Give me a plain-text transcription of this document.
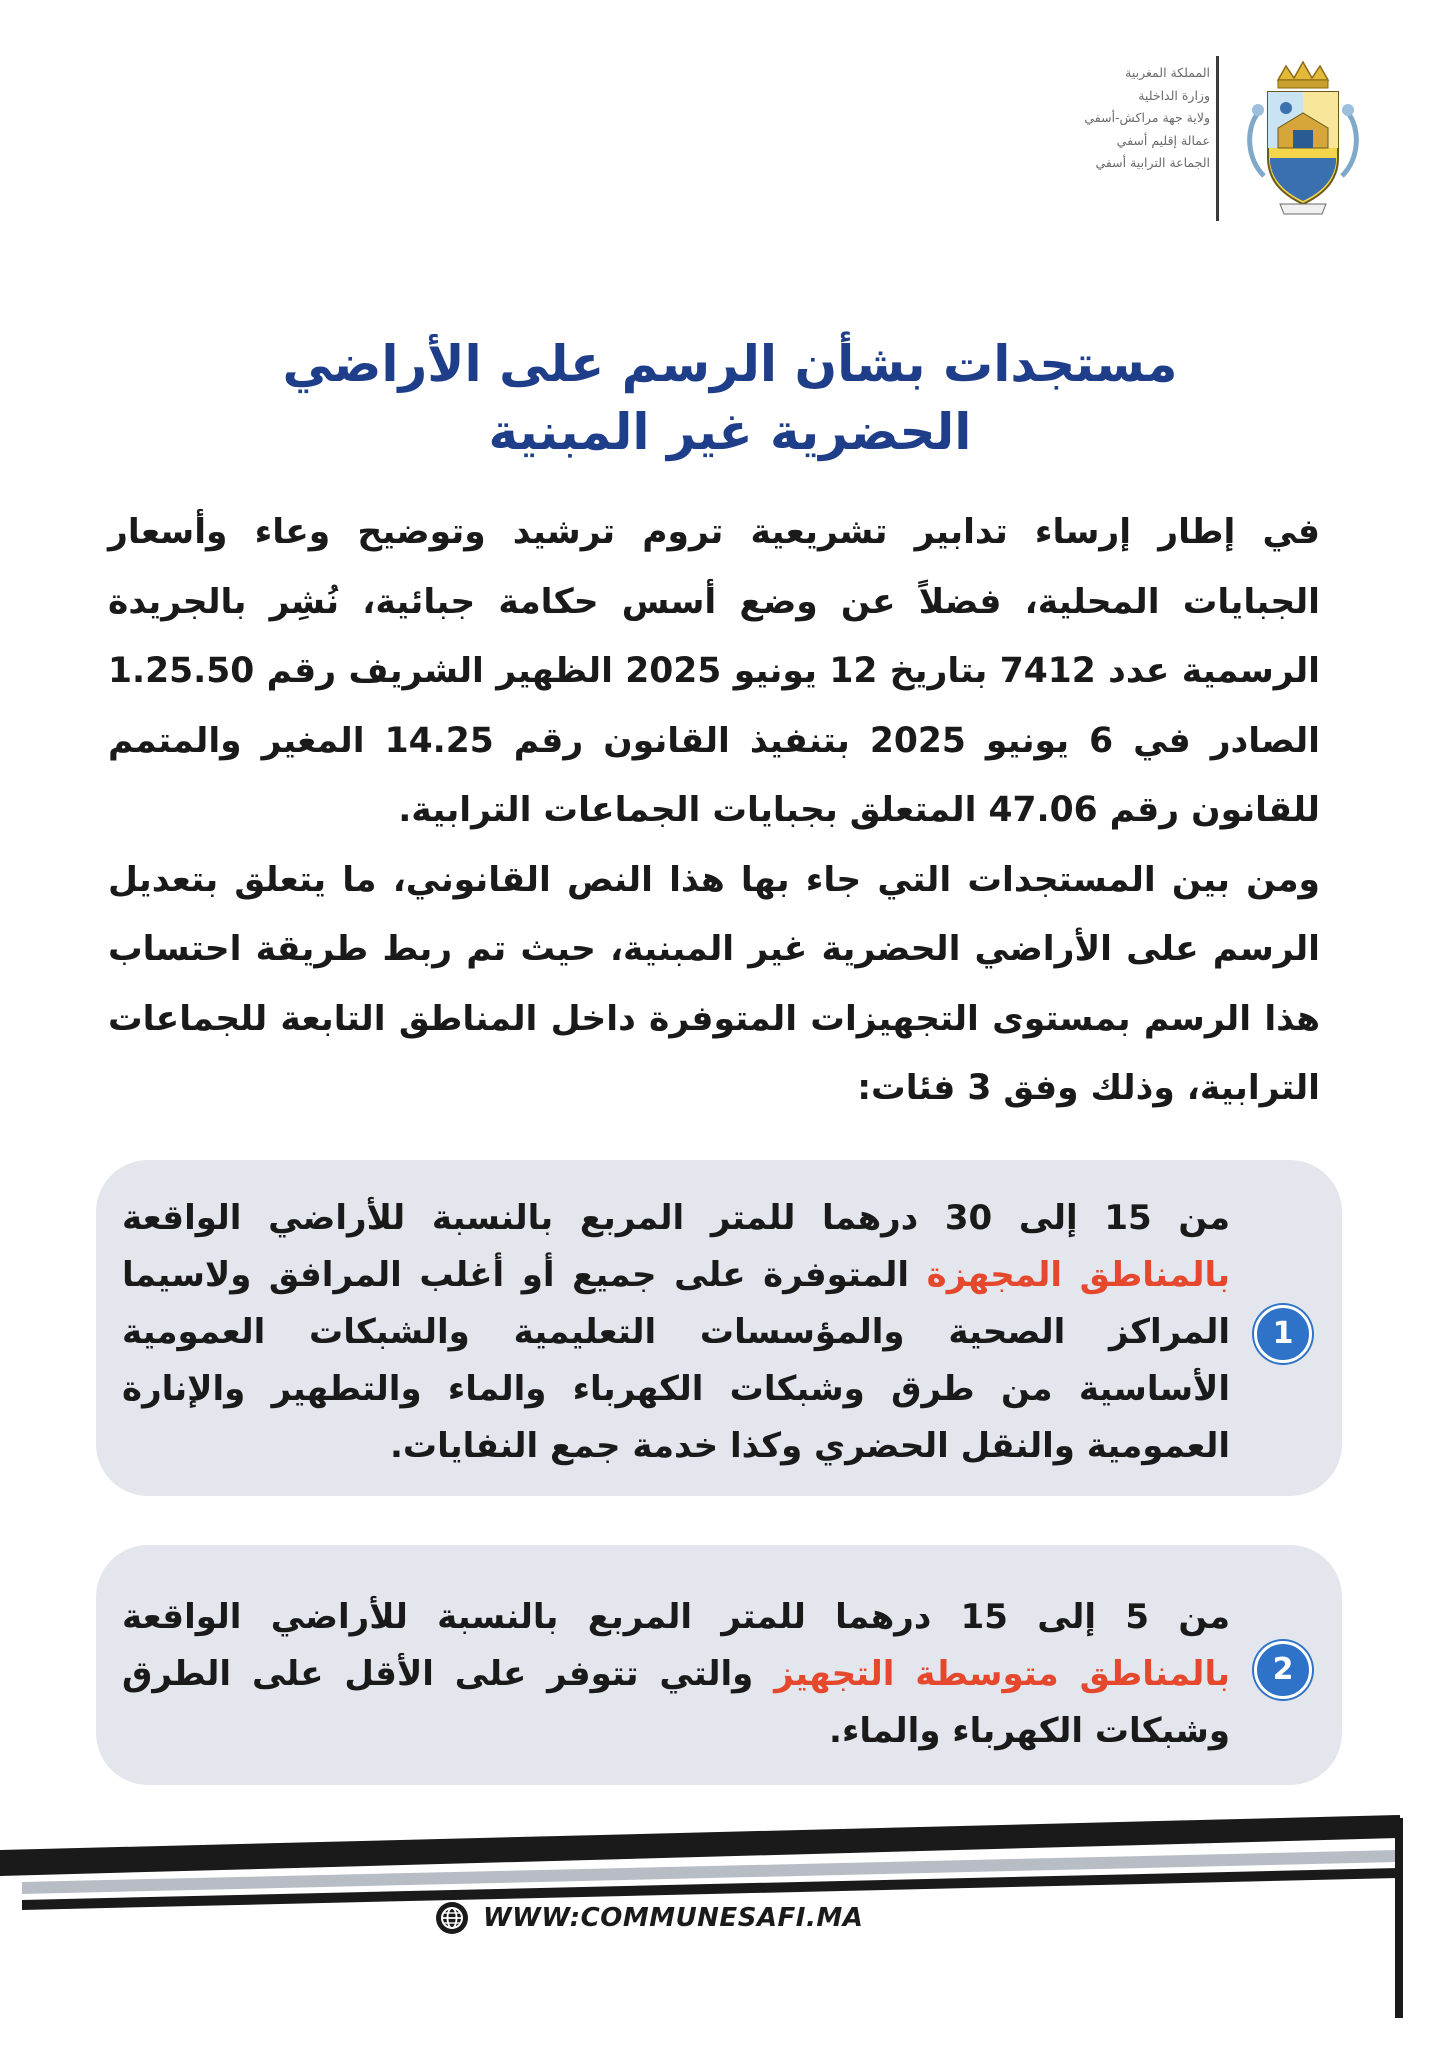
المملكة المغربية
وزارة الداخلية
ولاية جهة مراكش-أسفي
عمالة إقليم أسفي
الجماعة الترابية أسفي
مستجدات بشأن الرسم على الأراضي
الحضرية غير المبنية
في إطار إرساء تدابير تشريعية تروم ترشيد وتوضيح وعاء وأسعار الجبايات المحلية، فضلاً عن وضع أسس حكامة جبائية، نُشِر بالجريدة الرسمية عدد 7412 بتاريخ 12 يونيو 2025 الظهير الشريف رقم 1.25.50 الصادر في 6 يونيو 2025 بتنفيذ القانون رقم 14.25 المغير والمتمم للقانون رقم 47.06 المتعلق بجبايات الجماعات الترابية.
ومن بين المستجدات التي جاء بها هذا النص القانوني، ما يتعلق بتعديل الرسم على الأراضي الحضرية غير المبنية، حيث تم ربط طريقة احتساب هذا الرسم بمستوى التجهيزات المتوفرة داخل المناطق التابعة للجماعات الترابية، وذلك وفق 3 فئات:
من 15 إلى 30 درهما للمتر المربع بالنسبة للأراضي الواقعة بالمناطق المجهزة المتوفرة على جميع أو أغلب المرافق ولاسيما المراكز الصحية والمؤسسات التعليمية والشبكات العمومية الأساسية من طرق وشبكات الكهرباء والماء والتطهير والإنارة العمومية والنقل الحضري وكذا خدمة جمع النفايات.
1
من 5 إلى 15 درهما للمتر المربع بالنسبة للأراضي الواقعة بالمناطق متوسطة التجهيز والتي تتوفر على الأقل على الطرق وشبكات الكهرباء والماء.
2
WWW:COMMUNESAFI.MA
